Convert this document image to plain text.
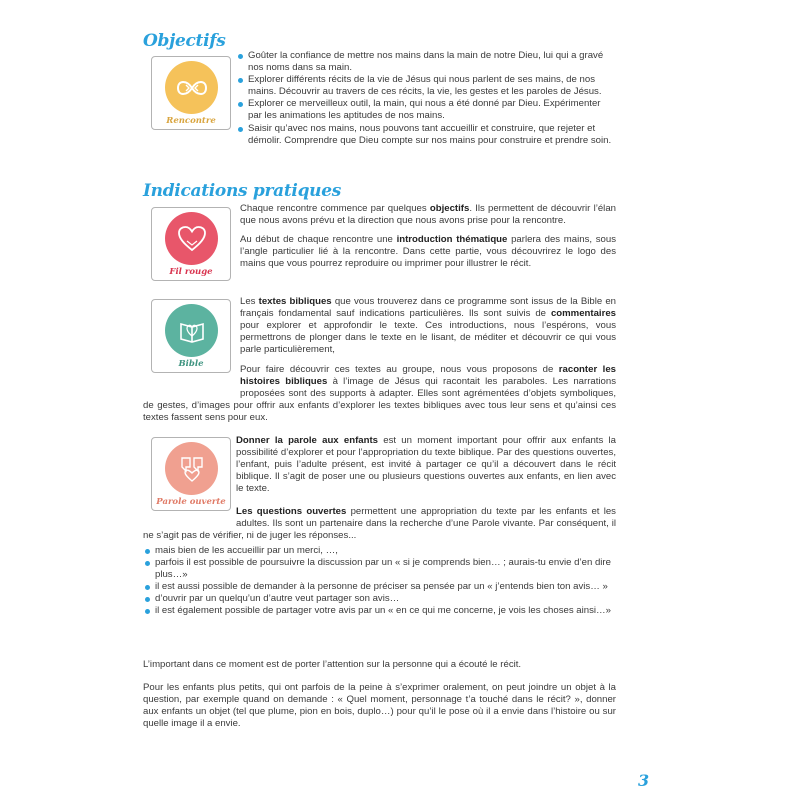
Objectifs
Rencontre
Goûter la confiance de mettre nos mains dans la main de notre Dieu, lui qui a gravé nos noms dans sa main.
Explorer différents récits de la vie de Jésus qui nous parlent de ses mains, de nos mains. Découvrir au travers de ces récits, la vie, les gestes et les paroles de Jésus.
Explorer ce merveilleux outil, la main, qui nous a été donné par Dieu. Expérimenter par les animations les aptitudes de nos mains.
Saisir qu’avec nos mains, nous pouvons tant accueillir et construire, que rejeter et démolir. Comprendre que Dieu compte sur nos mains pour construire et prendre soin.
Indications pratiques
Fil rouge

Chaque rencontre commence par quelques objectifs. Ils permettent de découvrir l’élan que nous avons prévu et la direction que nous avons prise pour la rencontre.

Au début de chaque rencontre une introduction thématique parlera des mains, sous l’angle particulier lié à la rencontre. Dans cette partie, vous découvrirez le logo des mains que vous pourrez reproduire ou imprimer pour illustrer le récit.

Bible

Les textes bibliques que vous trouverez dans ce programme sont issus de la Bible en français fondamental sauf indications particulières. Ils sont suivis de commentaires pour explorer et approfondir le texte. Ces introductions, nous l’espérons, vous permettrons de plonger dans le texte en le lisant, de méditer et découvrir ce qui vous parle particulièrement,

Pour faire découvrir ces textes au groupe, nous vous proposons de raconter les histoires bibliques à l’image de Jésus qui racontait les paraboles. Les narrations proposées sont des supports à adapter. Elles sont agrémentées d’objets symboliques, de gestes, d’images pour offrir aux enfants d’explorer les textes bibliques avec tous leur sens et qu’ainsi ces textes fassent sens pour eux.
Parole ouverte

Donner la parole aux enfants est un moment important pour offrir aux enfants la possibilité d’explorer et pour l’appropriation du texte biblique. Par des questions ouvertes, l’enfant, puis l’adulte présent, est invité à partager ce qu’il a découvert dans le récit biblique. Il s’agit de poser une ou plusieurs questions ouvertes aux enfants, en lien avec le texte.

Les questions ouvertes permettent une appropriation du texte par les enfants et les adultes. Ils sont un partenaire dans la recherche d’une Parole vivante. Par conséquent, il ne s’agit pas de vérifier, ni de juger les réponses...
mais bien de les accueillir par un merci, …,
parfois il est possible de poursuivre la discussion par un « si je comprends bien… ; aurais-tu envie d’en dire plus…»
il est aussi possible de demander à la personne de préciser sa pensée par un « j’entends bien ton avis… »
d’ouvrir par un quelqu’un d’autre veut partager son avis…
il est également possible de partager votre avis par un « en ce qui me concerne, je vois les choses ainsi…»

L’important dans ce moment est de porter l’attention sur la personne qui a écouté le récit.

Pour les enfants plus petits, qui ont parfois de la peine à s’exprimer oralement, on peut joindre un objet à la question, par exemple quand on demande : « Quel moment, personnage t’a touché dans le récit? », donner aux enfants un objet (tel que plume, pion en bois, duplo…) pour qu’il le pose où il a envie dans l’histoire ou sur quelle image il a envie.

3
